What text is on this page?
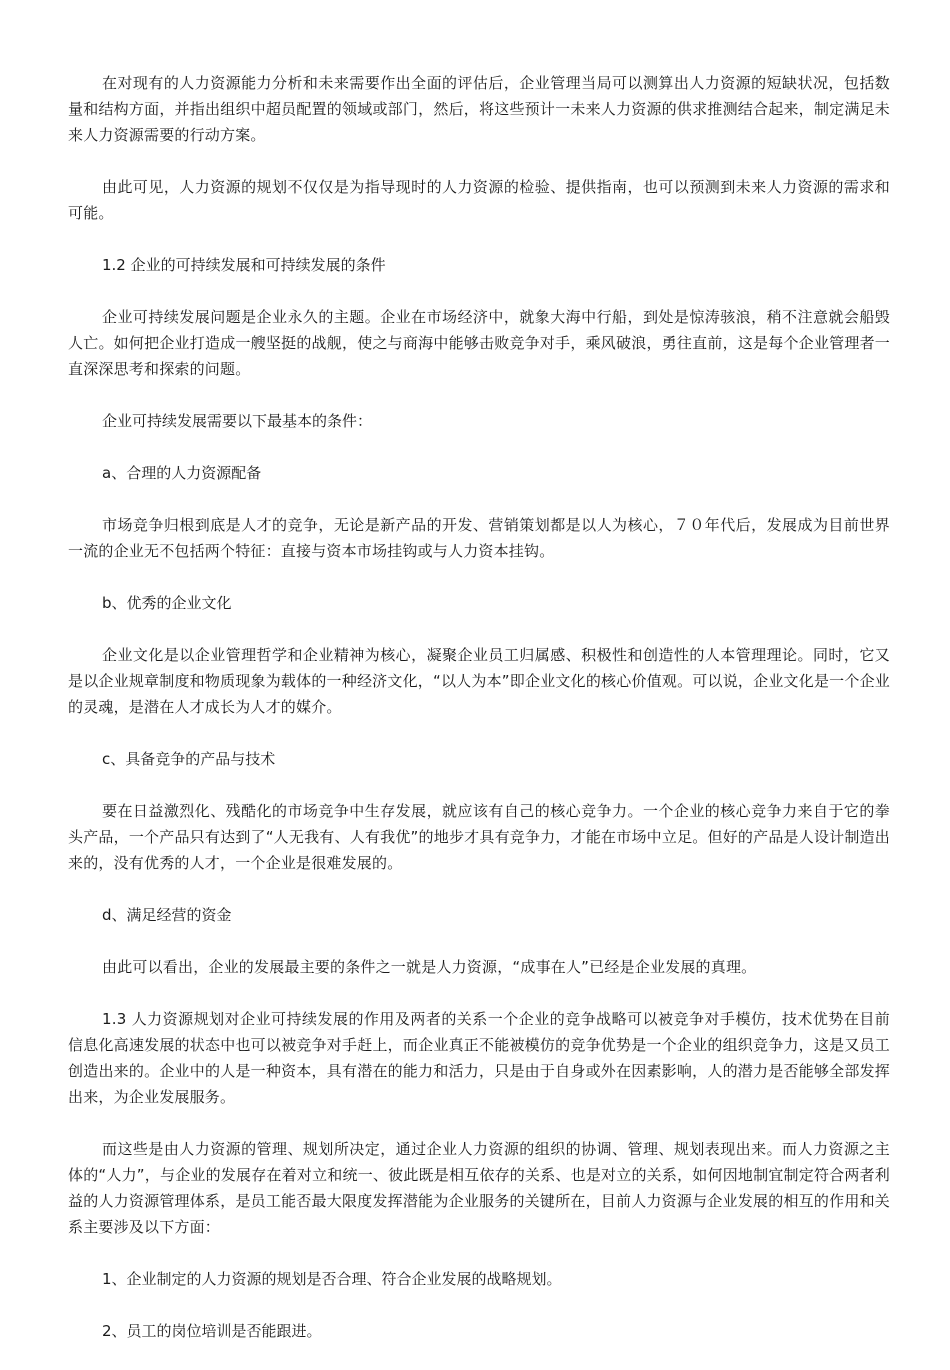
在对现有的人力资源能力分析和未来需要作出全面的评估后，企业管理当局可以测算出人力资源的短缺状况，包括数量和结构方面，并指出组织中超员配置的领域或部门，然后，将这些预计一未来人力资源的供求推测结合起来，制定满足未来人力资源需要的行动方案。

由此可见，人力资源的规划不仅仅是为指导现时的人力资源的检验、提供指南，也可以预测到未来人力资源的需求和可能。

1.2 企业的可持续发展和可持续发展的条件

企业可持续发展问题是企业永久的主题。企业在市场经济中，就象大海中行船，到处是惊涛骇浪，稍不注意就会船毁人亡。如何把企业打造成一艘坚挺的战舰，使之与商海中能够击败竞争对手，乘风破浪，勇往直前，这是每个企业管理者一直深深思考和探索的问题。

企业可持续发展需要以下最基本的条件：

a、合理的人力资源配备

市场竞争归根到底是人才的竞争，无论是新产品的开发、营销策划都是以人为核心，７０年代后，发展成为目前世界一流的企业无不包括两个特征：直接与资本市场挂钩或与人力资本挂钩。

b、优秀的企业文化

企业文化是以企业管理哲学和企业精神为核心，凝聚企业员工归属感、积极性和创造性的人本管理理论。同时，它又是以企业规章制度和物质现象为载体的一种经济文化，“以人为本”即企业文化的核心价值观。可以说，企业文化是一个企业的灵魂，是潜在人才成长为人才的媒介。

c、具备竞争的产品与技术

要在日益激烈化、残酷化的市场竞争中生存发展，就应该有自己的核心竞争力。一个企业的核心竞争力来自于它的拳头产品，一个产品只有达到了“人无我有、人有我优”的地步才具有竞争力，才能在市场中立足。但好的产品是人设计制造出来的，没有优秀的人才，一个企业是很难发展的。

d、满足经营的资金

由此可以看出，企业的发展最主要的条件之一就是人力资源，“成事在人”已经是企业发展的真理。

1.3 人力资源规划对企业可持续发展的作用及两者的关系一个企业的竞争战略可以被竞争对手模仿，技术优势在目前信息化高速发展的状态中也可以被竞争对手赶上，而企业真正不能被模仿的竞争优势是一个企业的组织竞争力，这是又员工创造出来的。企业中的人是一种资本，具有潜在的能力和活力，只是由于自身或外在因素影响，人的潜力是否能够全部发挥出来，为企业发展服务。

而这些是由人力资源的管理、规划所决定，通过企业人力资源的组织的协调、管理、规划表现出来。而人力资源之主体的“人力”，与企业的发展存在着对立和统一、彼此既是相互依存的关系、也是对立的关系，如何因地制宜制定符合两者利益的人力资源管理体系，是员工能否最大限度发挥潜能为企业服务的关键所在，目前人力资源与企业发展的相互的作用和关系主要涉及以下方面：

1、企业制定的人力资源的规划是否合理、符合企业发展的战略规划。

2、员工的岗位培训是否能跟进。
